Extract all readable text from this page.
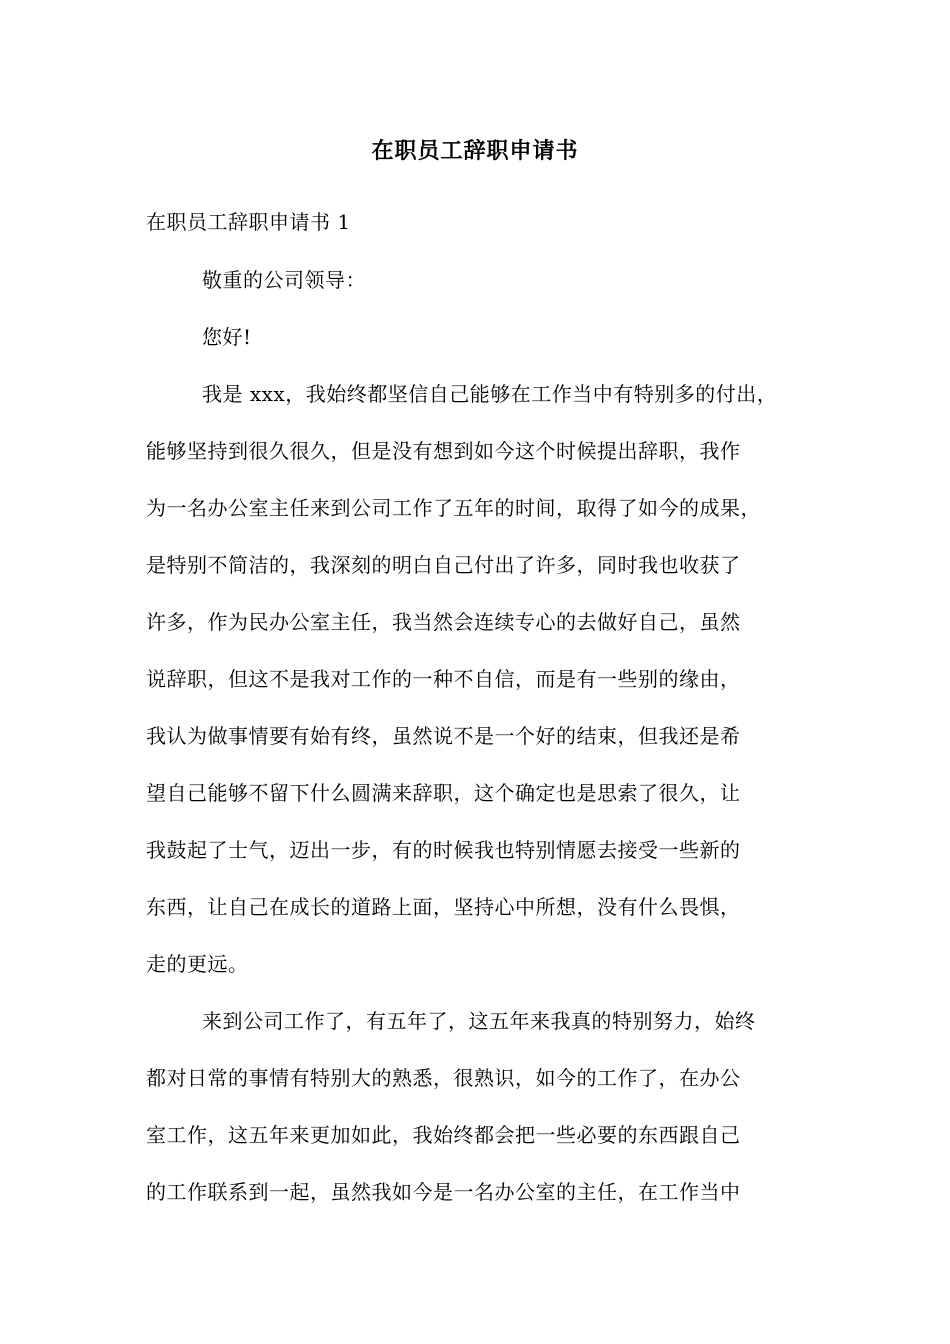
在职员工辞职申请书
在职员工辞职申请书 1
敬重的公司领导：
您好!
我是 xxx，我始终都坚信自己能够在工作当中有特别多的付出，
能够坚持到很久很久，但是没有想到如今这个时候提出辞职，我作
为一名办公室主任来到公司工作了五年的时间，取得了如今的成果，
是特别不简洁的，我深刻的明白自己付出了许多，同时我也收获了
许多，作为民办公室主任，我当然会连续专心的去做好自己，虽然
说辞职，但这不是我对工作的一种不自信，而是有一些别的缘由，
我认为做事情要有始有终，虽然说不是一个好的结束，但我还是希
望自己能够不留下什么圆满来辞职，这个确定也是思索了很久，让
我鼓起了士气，迈出一步，有的时候我也特别情愿去接受一些新的
东西，让自己在成长的道路上面，坚持心中所想，没有什么畏惧，
走的更远。
来到公司工作了，有五年了，这五年来我真的特别努力，始终
都对日常的事情有特别大的熟悉，很熟识，如今的工作了，在办公
室工作，这五年来更加如此，我始终都会把一些必要的东西跟自己
的工作联系到一起，虽然我如今是一名办公室的主任，在工作当中
